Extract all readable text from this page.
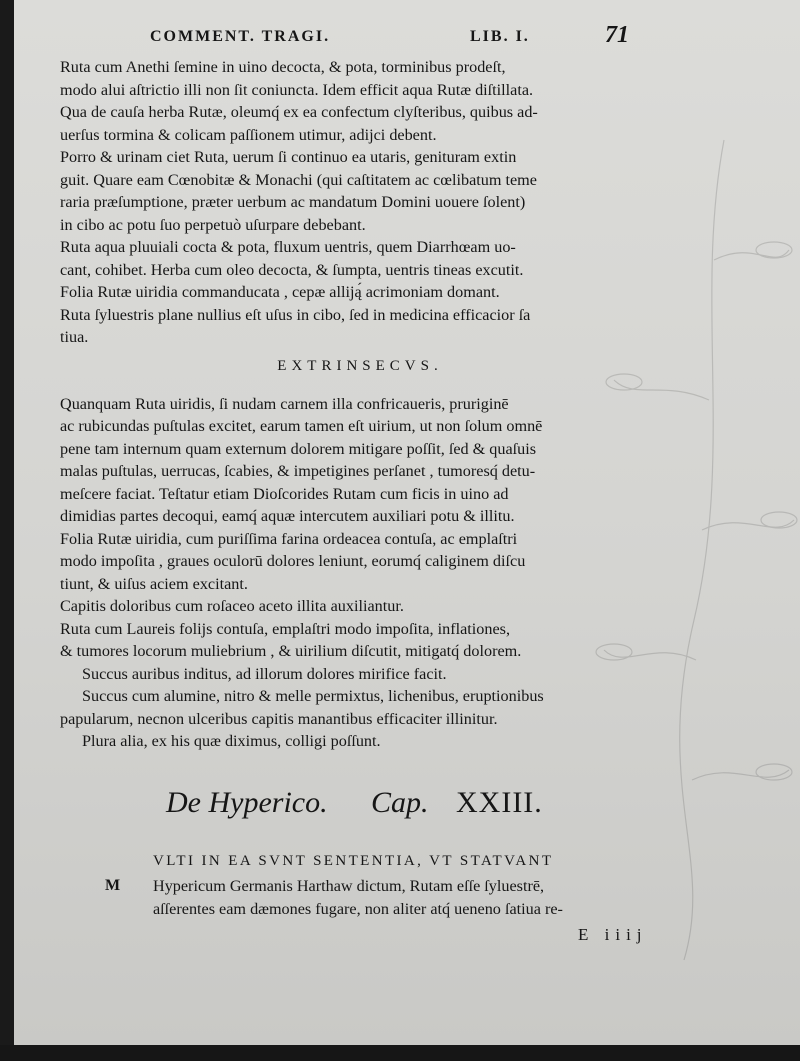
COMMENT. TRAGI.	LIB. I.	71
Ruta cum Anethi ſemine in uino decocta, & pota, torminibus prodeſt,
modo alui aſtrictio illi non ſit coniuncta. Idem efficit aqua Rutæ diſtillata.
Qua de cauſa herba Rutæ, oleumq́ ex ea confectum clyſteribus, quibus ad-
uerſus tormina & colicam paſſionem utimur, adijci debent.
Porro & urinam ciet Ruta, uerum ſi continuo ea utaris, genituram extin
guit. Quare eam Cœnobitæ & Monachi (qui caſtitatem ac cœlibatum teme
raria præſumptione, præter uerbum ac mandatum Domini uouere ſolent)
in cibo ac potu ſuo perpetuò uſurpare debebant.
Ruta aqua pluuiali cocta & pota, fluxum uentris, quem Diarrhœam uo-
cant, cohibet. Herba cum oleo decocta, & ſumpta, uentris tineas excutit.
Folia Rutæ uiridia commanducata , cepæ alliją́ acrimoniam domant.
Ruta ſyluestris plane nullius eſt uſus in cibo, ſed in medicina efficacior ſa
tiua.
EXTRINSECVS.
Quanquam Ruta uiridis, ſi nudam carnem illa confricaueris, pruriginē
ac rubicundas puſtulas excitet, earum tamen eſt uirium, ut non ſolum omnē
pene tam internum quam externum dolorem mitigare poſſit, ſed & quaſuis
malas puſtulas, uerrucas, ſcabies, & impetigines perſanet , tumoresq́ detu-
meſcere faciat. Teſtatur etiam Dioſcorides Rutam cum ficis in uino ad
dimidias partes decoqui, eamq́ aquæ intercutem auxiliari potu & illitu.
Folia Rutæ uiridia, cum puriſſima farina ordeacea contuſa, ac emplaſtri
modo impoſita , graues oculorū dolores leniunt, eorumq́ caliginem diſcu
tiunt, & uiſus aciem excitant.
Capitis doloribus cum roſaceo aceto illita auxiliantur.
Ruta cum Laureis folijs contuſa, emplaſtri modo impoſita, inflationes,
& tumores locorum muliebrium , & uirilium diſcutit, mitigatq́ dolorem.
Succus auribus inditus, ad illorum dolores mirifice facit.
Succus cum alumine, nitro & melle permixtus, lichenibus, eruptionibus
papularum, necnon ulceribus capitis manantibus efficaciter illinitur.
Plura alia, ex his quæ diximus, colligi poſſunt.
De Hyperico. Cap. XXIII.
VLTI IN EA SVNT SENTENTIA, VT STATVANT
M Hypericum Germanis Harthaw dictum, Rutam eſſe ſyluestrē,
aſſerentes eam dæmones fugare, non aliter atq́ ueneno ſatiua re-
E iiij
